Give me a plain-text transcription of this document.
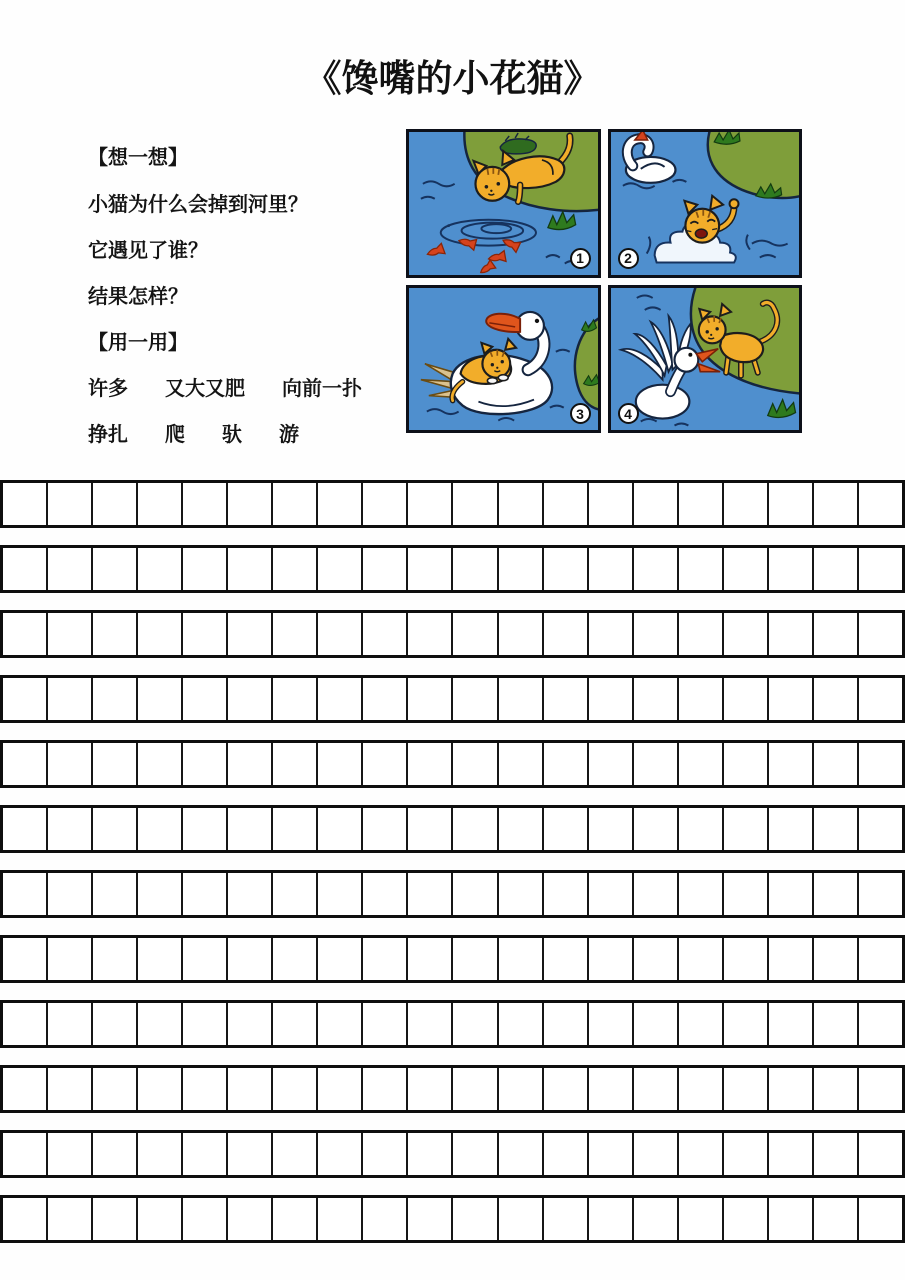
《馋嘴的小花猫》
【想一想】
小猫为什么会掉到河里？
它遇见了谁？
结果怎样？
【用一用】
许多 又大又肥 向前一扑
挣扎 爬 驮 游
1	2
3	4
